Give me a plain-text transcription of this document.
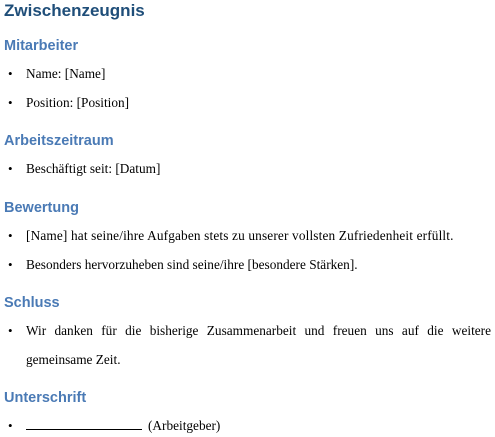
Zwischenzeugnis
Mitarbeiter
• Name: [Name]
• Position: [Position]
Arbeitszeitraum
• Beschäftigt seit: [Datum]
Bewertung
• [Name] hat seine/ihre Aufgaben stets zu unserer vollsten Zufriedenheit erfüllt.
• Besonders hervorzuheben sind seine/ihre [besondere Stärken].
Schluss
• Wir danken für die bisherige Zusammenarbeit und freuen uns auf die weitere
gemeinsame Zeit.
Unterschrift
•	(Arbeitgeber)
